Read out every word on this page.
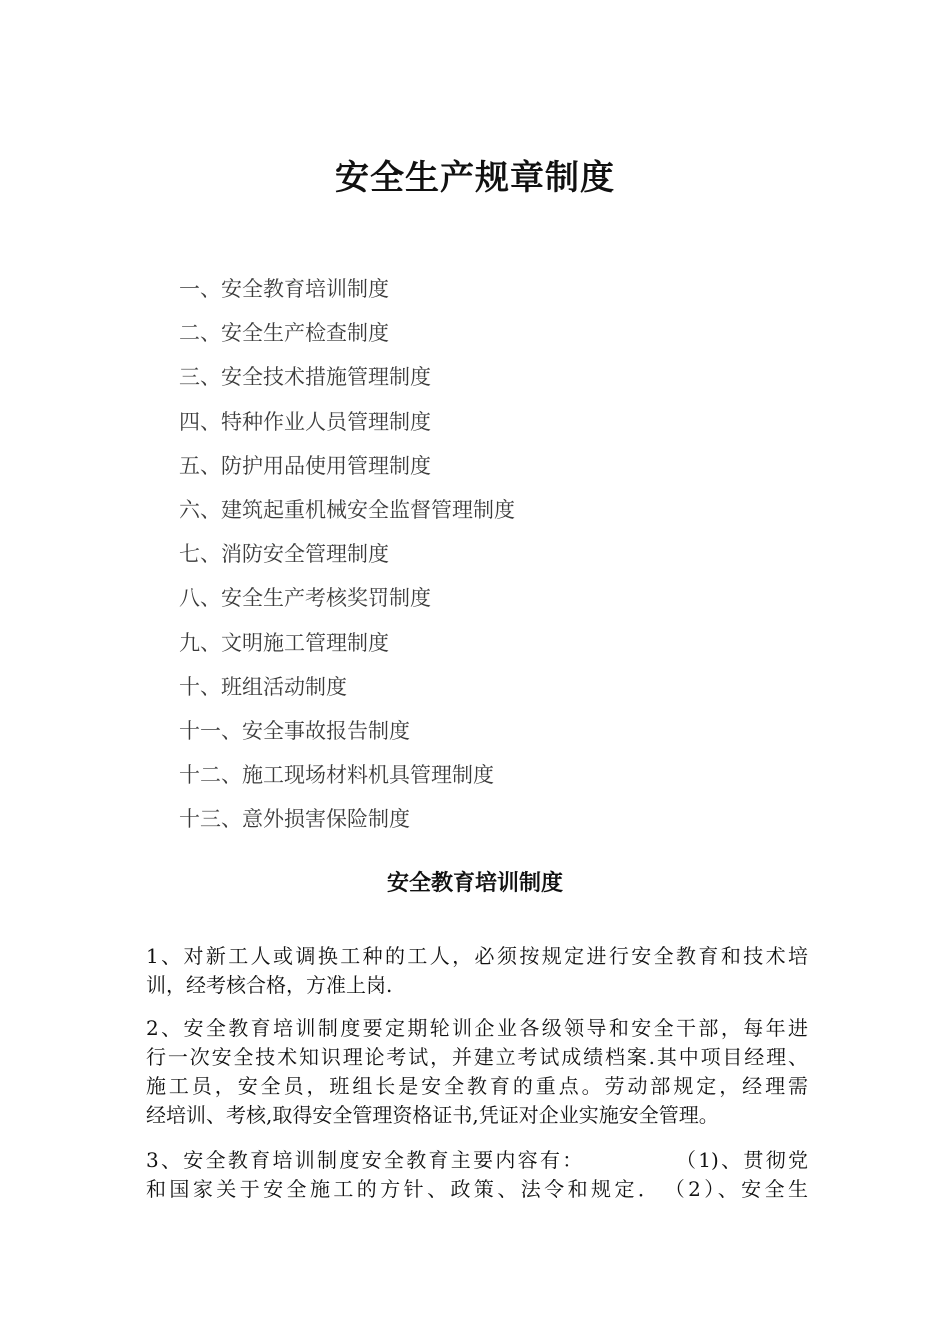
安全生产规章制度
一、安全教育培训制度
二、安全生产检查制度
三、安全技术措施管理制度
四、特种作业人员管理制度
五、防护用品使用管理制度
六、建筑起重机械安全监督管理制度
七、消防安全管理制度
八、安全生产考核奖罚制度
九、文明施工管理制度
十、班组活动制度
十一、安全事故报告制度
十二、施工现场材料机具管理制度
十三、意外损害保险制度
安全教育培训制度
1、对新工人或调换工种的工人，必须按规定进行安全教育和技术培
训，经考核合格，方准上岗.
2、安全教育培训制度要定期轮训企业各级领导和安全干部，每年进
行一次安全技术知识理论考试，并建立考试成绩档案.其中项目经理、
施工员，安全员，班组长是安全教育的重点。劳动部规定，经理需
经培训、考核,取得安全管理资格证书,凭证对企业实施安全管理。
3、安全教育培训制度安全教育主要内容有：　　　　　（1)、贯彻党
和国家关于安全施工的方针、政策、法令和规定．　（2）、安全生
